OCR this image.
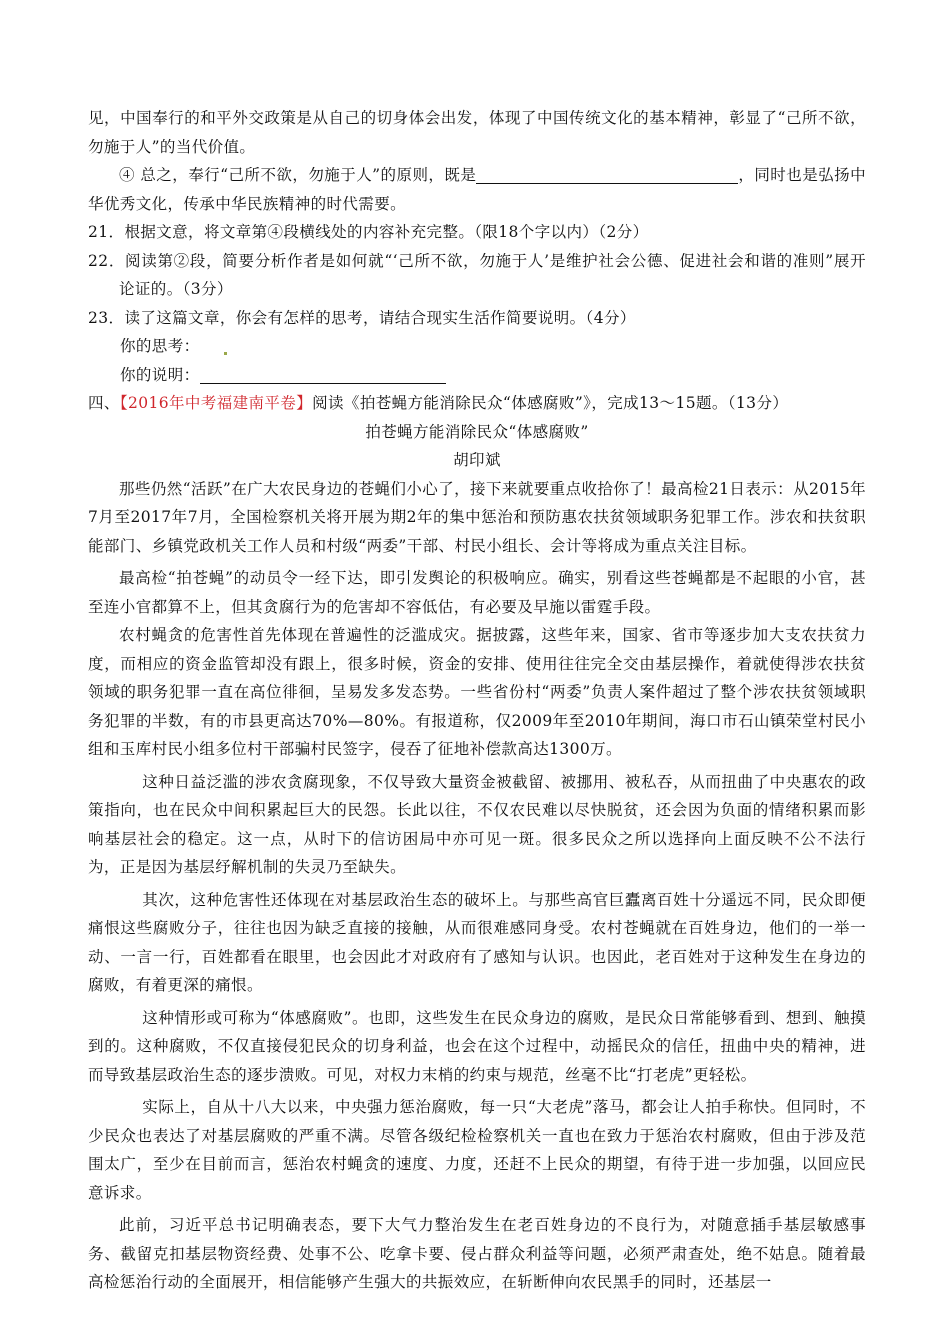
见，中国奉行的和平外交政策是从自己的切身体会出发，体现了中国传统文化的基本精神，彰显了“己所不欲，勿施于人”的当代价值。

④ 总之，奉行“己所不欲，勿施于人”的原则，既是	，同时也是弘扬中华优秀文化，传承中华民族精神的时代需要。

21．根据文意，将文章第④段横线处的内容补充完整。（限18个字以内）（2分）

22．阅读第②段，简要分析作者是如何就“‘己所不欲，勿施于人’是维护社会公德、促进社会和谐的准则”展开论证的。（3分）

23．读了这篇文章，你会有怎样的思考，请结合现实生活作简要说明。（4分）

你的思考：

你的说明：

四、【2016年中考福建南平卷】阅读《拍苍蝇方能消除民众“体感腐败”》，完成13～15题。（13分）

拍苍蝇方能消除民众“体感腐败”

胡印斌

那些仍然“活跃”在广大农民身边的苍蝇们小心了，接下来就要重点收拾你了！最高检21日表示：从2015年7月至2017年7月，全国检察机关将开展为期2年的集中惩治和预防惠农扶贫领域职务犯罪工作。涉农和扶贫职能部门、乡镇党政机关工作人员和村级“两委”干部、村民小组长、会计等将成为重点关注目标。

最高检“拍苍蝇”的动员令一经下达，即引发舆论的积极响应。确实，别看这些苍蝇都是不起眼的小官，甚至连小官都算不上，但其贪腐行为的危害却不容低估，有必要及早施以雷霆手段。

农村蝇贪的危害性首先体现在普遍性的泛滥成灾。据披露，这些年来，国家、省市等逐步加大支农扶贫力度，而相应的资金监管却没有跟上，很多时候，资金的安排、使用往往完全交由基层操作，着就使得涉农扶贫领域的职务犯罪一直在高位徘徊，呈易发多发态势。一些省份村“两委”负责人案件超过了整个涉农扶贫领域职务犯罪的半数，有的市县更高达70%—80%。有报道称，仅2009年至2010年期间，海口市石山镇荣堂村民小组和玉库村民小组多位村干部骗村民签字，侵吞了征地补偿款高达1300万。

这种日益泛滥的涉农贪腐现象，不仅导致大量资金被截留、被挪用、被私吞，从而扭曲了中央惠农的政策指向，也在民众中间积累起巨大的民怨。长此以往，不仅农民难以尽快脱贫，还会因为负面的情绪积累而影响基层社会的稳定。这一点，从时下的信访困局中亦可见一斑。很多民众之所以选择向上面反映不公不法行为，正是因为基层纾解机制的失灵乃至缺失。

其次，这种危害性还体现在对基层政治生态的破坏上。与那些高官巨蠹离百姓十分遥远不同，民众即便痛恨这些腐败分子，往往也因为缺乏直接的接触，从而很难感同身受。农村苍蝇就在百姓身边，他们的一举一动、一言一行，百姓都看在眼里，也会因此才对政府有了感知与认识。也因此，老百姓对于这种发生在身边的腐败，有着更深的痛恨。

这种情形或可称为“体感腐败”。也即，这些发生在民众身边的腐败，是民众日常能够看到、想到、触摸到的。这种腐败，不仅直接侵犯民众的切身利益，也会在这个过程中，动摇民众的信任，扭曲中央的精神，进而导致基层政治生态的逐步溃败。可见，对权力末梢的约束与规范，丝毫不比“打老虎”更轻松。

实际上，自从十八大以来，中央强力惩治腐败，每一只“大老虎”落马，都会让人拍手称快。但同时，不少民众也表达了对基层腐败的严重不满。尽管各级纪检检察机关一直也在致力于惩治农村腐败，但由于涉及范围太广，至少在目前而言，惩治农村蝇贪的速度、力度，还赶不上民众的期望，有待于进一步加强，以回应民意诉求。

此前，习近平总书记明确表态，要下大气力整治发生在老百姓身边的不良行为，对随意插手基层敏感事务、截留克扣基层物资经费、处事不公、吃拿卡要、侵占群众利益等问题，必须严肃查处，绝不姑息。随着最高检惩治行动的全面展开，相信能够产生强大的共振效应，在斩断伸向农民黑手的同时，还基层一
